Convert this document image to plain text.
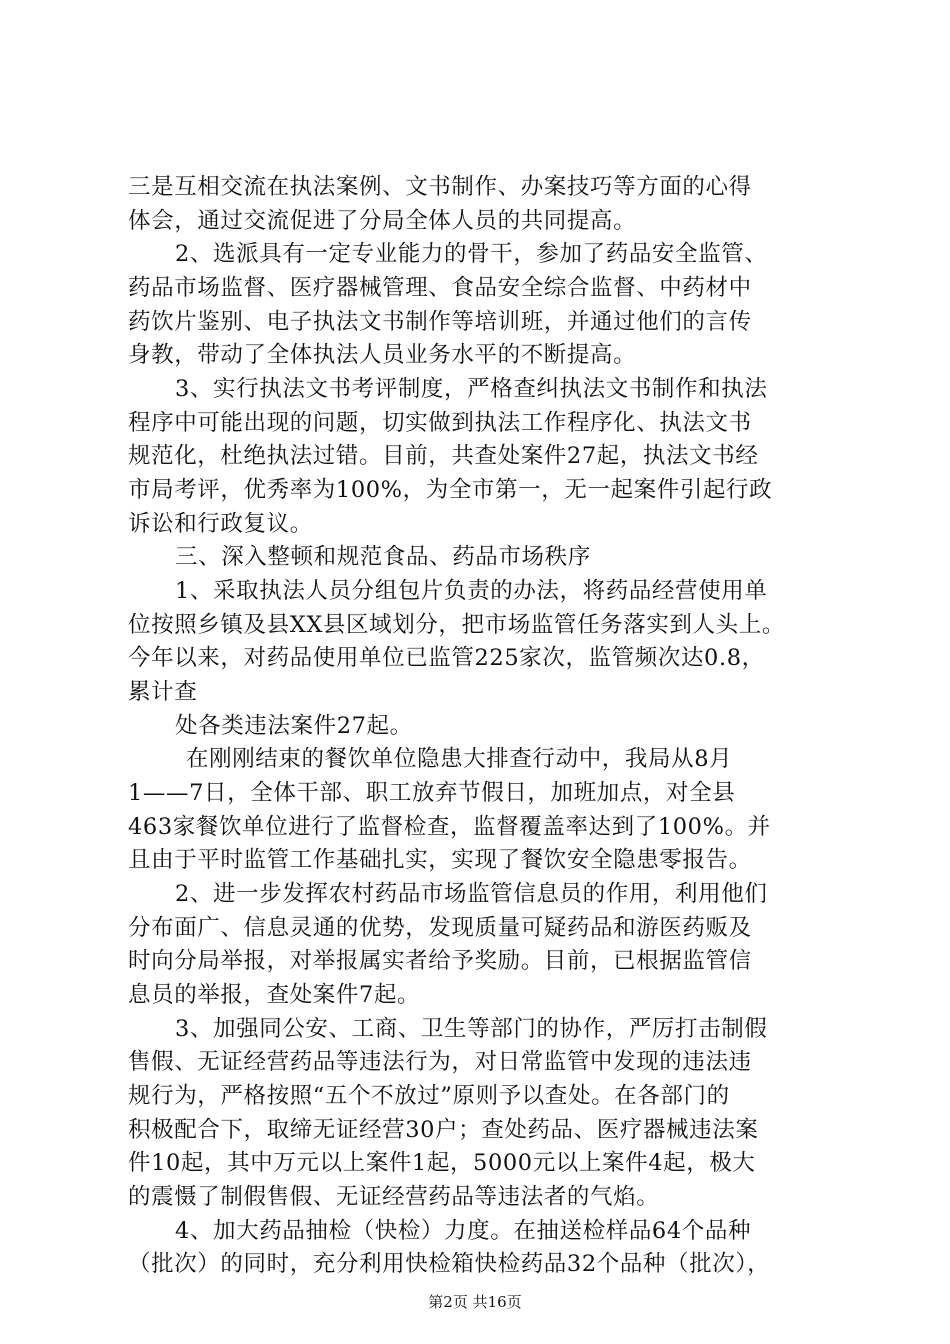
三是互相交流在执法案例、文书制作、办案技巧等方面的心得
体会，通过交流促进了分局全体人员的共同提高。
2、选派具有一定专业能力的骨干，参加了药品安全监管、
药品市场监督、医疗器械管理、食品安全综合监督、中药材中
药饮片鉴别、电子执法文书制作等培训班，并通过他们的言传
身教，带动了全体执法人员业务水平的不断提高。
3、实行执法文书考评制度，严格查纠执法文书制作和执法
程序中可能出现的问题，切实做到执法工作程序化、执法文书
规范化，杜绝执法过错。目前，共查处案件27起，执法文书经
市局考评，优秀率为100%，为全市第一，无一起案件引起行政
诉讼和行政复议。
三、深入整顿和规范食品、药品市场秩序
1、采取执法人员分组包片负责的办法，将药品经营使用单
位按照乡镇及县XX县区域划分，把市场监管任务落实到人头上。
今年以来，对药品使用单位已监管225家次，监管频次达0.8，
累计查
处各类违法案件27起。
在刚刚结束的餐饮单位隐患大排查行动中，我局从8月
1——7日，全体干部、职工放弃节假日，加班加点，对全县
463家餐饮单位进行了监督检查，监督覆盖率达到了100%。并
且由于平时监管工作基础扎实，实现了餐饮安全隐患零报告。
2、进一步发挥农村药品市场监管信息员的作用，利用他们
分布面广、信息灵通的优势，发现质量可疑药品和游医药贩及
时向分局举报，对举报属实者给予奖励。目前，已根据监管信
息员的举报，查处案件7起。
3、加强同公安、工商、卫生等部门的协作，严厉打击制假
售假、无证经营药品等违法行为，对日常监管中发现的违法违
规行为，严格按照“五个不放过”原则予以查处。在各部门的
积极配合下，取缔无证经营30户；查处药品、医疗器械违法案
件10起，其中万元以上案件1起，5000元以上案件4起，极大
的震慑了制假售假、无证经营药品等违法者的气焰。
4、加大药品抽检（快检）力度。在抽送检样品64个品种
（批次）的同时，充分利用快检箱快检药品32个品种（批次），
第2页 共16页
